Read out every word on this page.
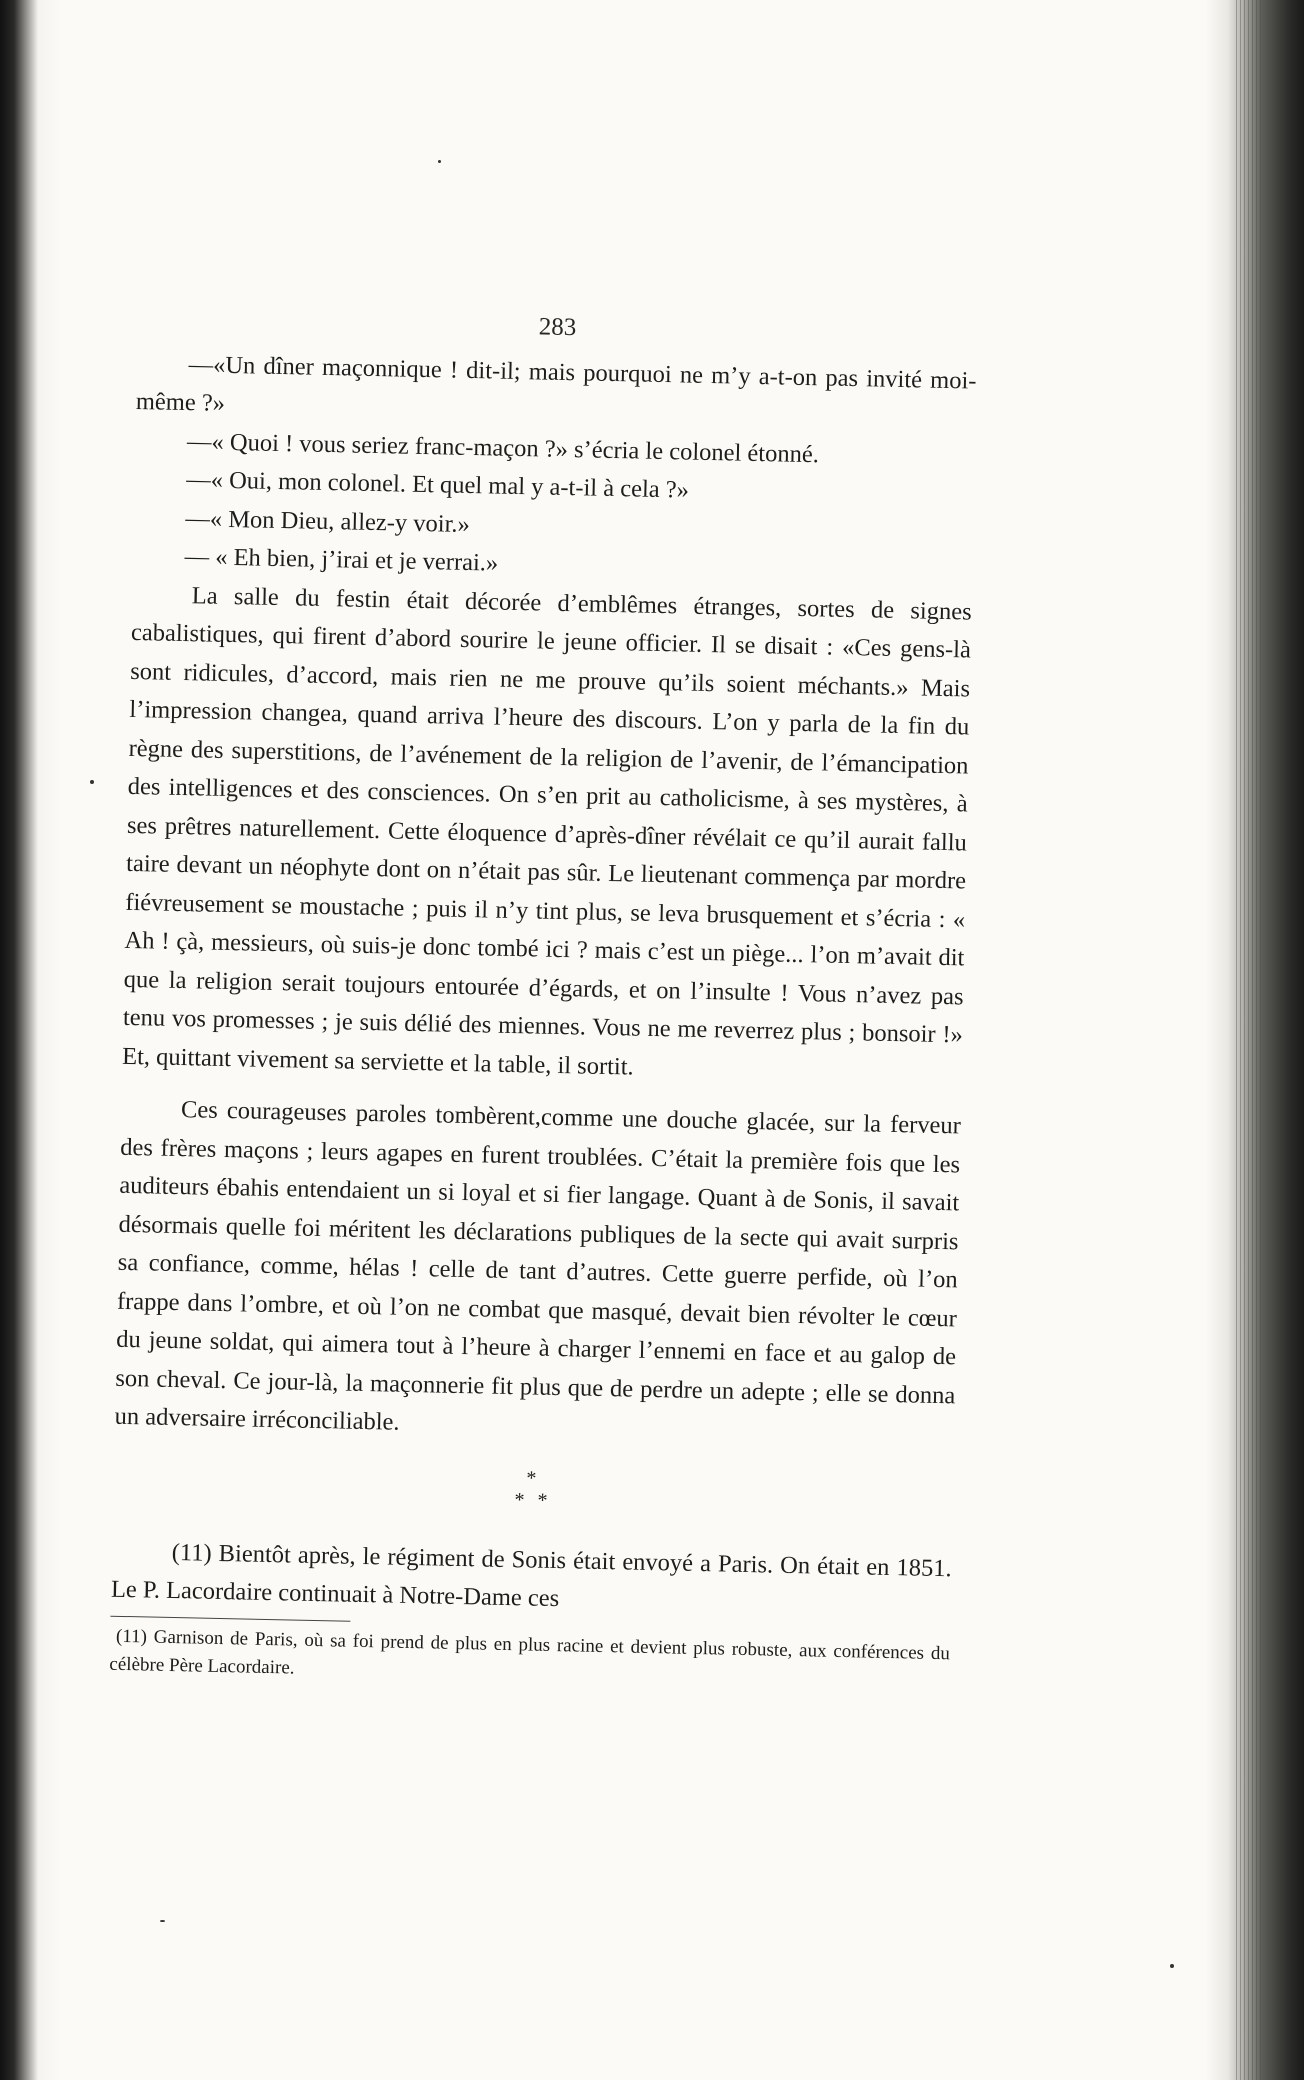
283

—«Un dîner maçonnique ! dit-il; mais pourquoi ne m’y a-t-on pas invité moi-même ?»

—« Quoi ! vous seriez franc-maçon ?» s’écria le colonel étonné.

—« Oui, mon colonel. Et quel mal y a-t-il à cela ?»

—« Mon Dieu, allez-y voir.»

— « Eh bien, j’irai et je verrai.»

La salle du festin était décorée d’emblêmes étranges, sortes de signes cabalistiques, qui firent d’abord sourire le jeune officier. Il se disait : «Ces gens-là sont ridicules, d’accord, mais rien ne me prouve qu’ils soient méchants.» Mais l’impression changea, quand arriva l’heure des discours. L’on y parla de la fin du règne des superstitions, de l’avénement de la religion de l’avenir, de l’émancipation des intelligences et des consciences. On s’en prit au catholicisme, à ses mystères, à ses prêtres naturellement. Cette éloquence d’après-dîner révélait ce qu’il aurait fallu taire devant un néophyte dont on n’était pas sûr. Le lieutenant commença par mordre fiévreusement se moustache ; puis il n’y tint plus, se leva brusquement et s’écria : « Ah ! çà, messieurs, où suis-je donc tombé ici ? mais c’est un piège... l’on m’avait dit que la religion serait toujours entourée d’égards, et on l’insulte ! Vous n’avez pas tenu vos promesses ; je suis délié des miennes. Vous ne me reverrez plus ; bonsoir !» Et, quittant vivement sa serviette et la table, il sortit.

Ces courageuses paroles tombèrent,comme une douche glacée, sur la ferveur des frères maçons ; leurs agapes en furent troublées. C’était la première fois que les auditeurs ébahis entendaient un si loyal et si fier langage. Quant à de Sonis, il savait désormais quelle foi méritent les déclarations publiques de la secte qui avait surpris sa confiance, comme, hélas ! celle de tant d’autres. Cette guerre perfide, où l’on frappe dans l’ombre, et où l’on ne combat que masqué, devait bien révolter le cœur du jeune soldat, qui aimera tout à l’heure à charger l’ennemi en face et au galop de son cheval. Ce jour-là, la maçonnerie fit plus que de perdre un adepte ; elle se donna un adversaire irréconciliable.

*
* *

(11) Bientôt après, le régiment de Sonis était envoyé a Paris. On était en 1851. Le P. Lacordaire continuait à Notre-Dame ces

(11) Garnison de Paris, où sa foi prend de plus en plus racine et devient plus robuste, aux conférences du célèbre Père Lacordaire.
